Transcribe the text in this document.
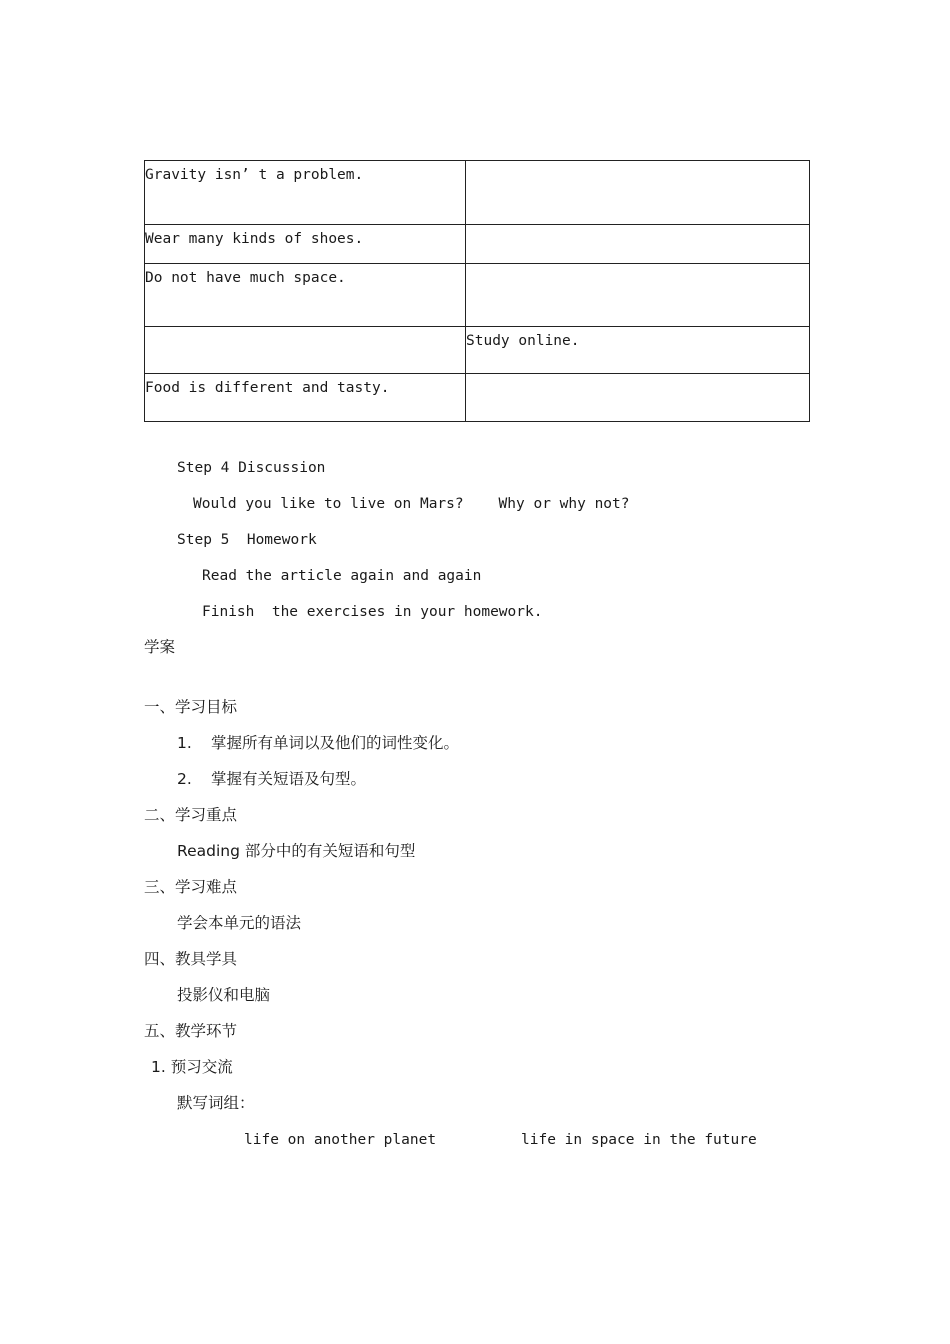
Gravity isn’ t a problem.	
Wear many kinds of shoes.	
Do not have much space.	
	Study online.
Food is different and tasty.	
Step 4 Discussion
Would you like to live on Mars?    Why or why not?
Step 5  Homework
Read the article again and again
Finish  the exercises in your homework.
学案
一、学习目标
1. 掌握所有单词以及他们的词性变化。
2. 掌握有关短语及句型。
二、学习重点
Reading 部分中的有关短语和句型
三、学习难点
学会本单元的语法
四、教具学具
投影仪和电脑
五、教学环节
1. 预习交流
默写词组：
life on another planet	life in space in the future
